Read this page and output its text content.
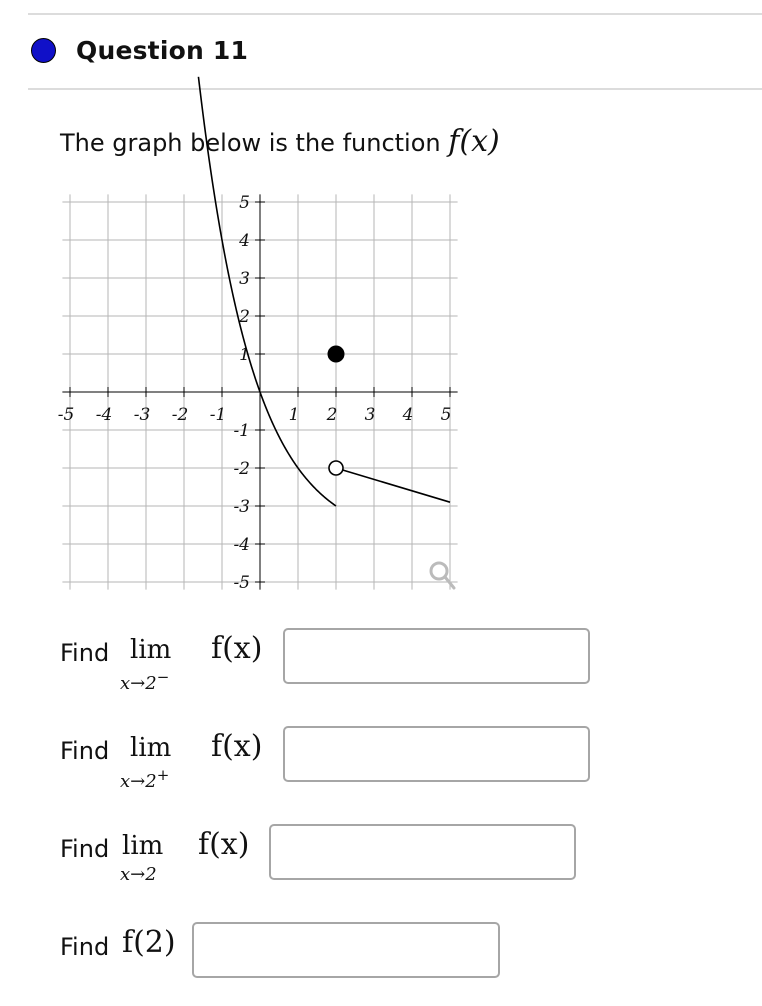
Question 11
The graph below is the function f(x)
-5 -4 -3 -2 -1	1 2 3 4 5
5
4
3
2
1
-1
-2
-3
-4
-5
Find lim
x→2−
f(x)
Find lim
x→2+
f(x)
Find lim
x→2
f(x)
Find f(2)
